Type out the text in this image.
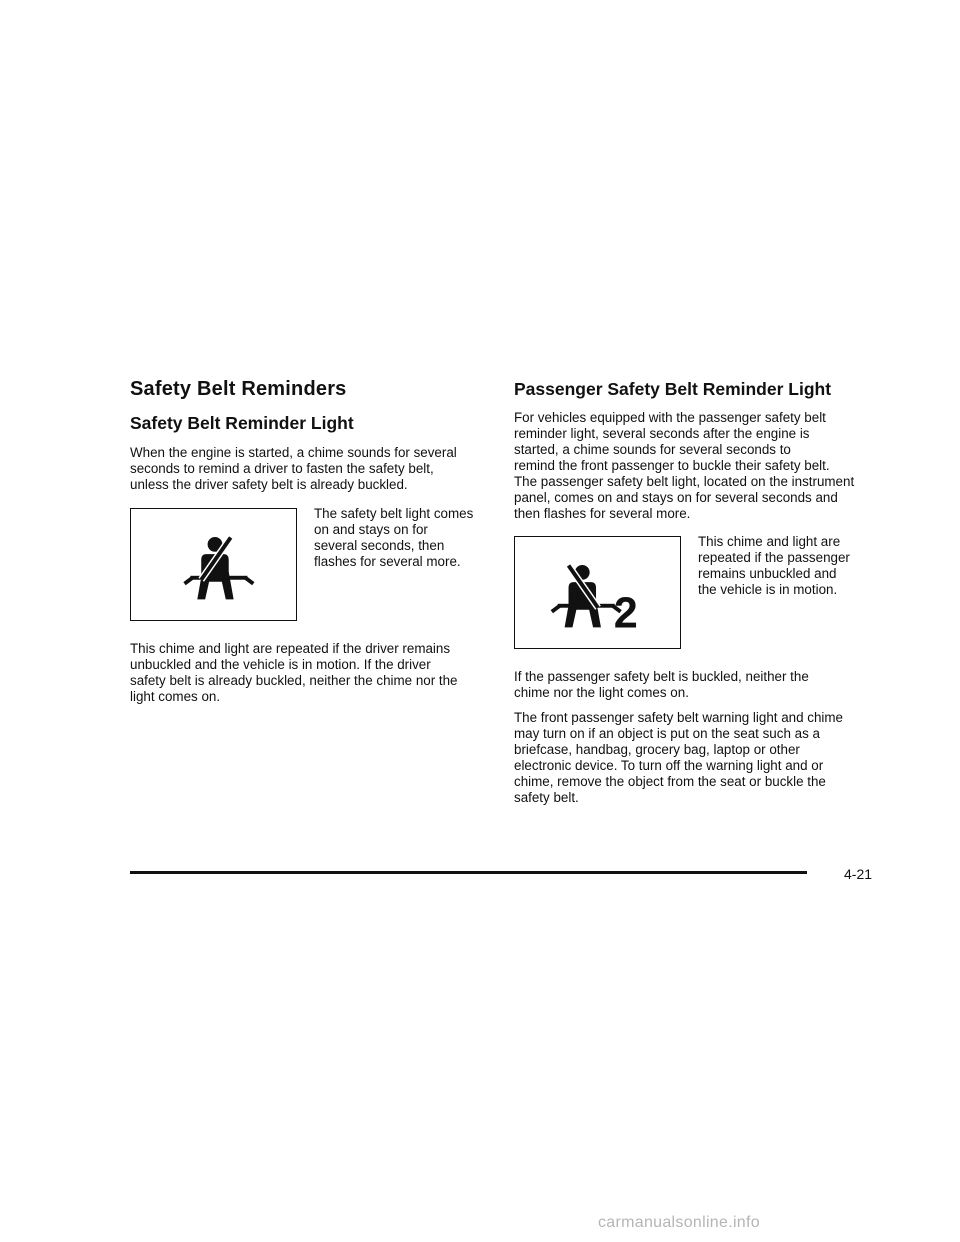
Safety Belt Reminders
Safety Belt Reminder Light

When the engine is started, a chime sounds for several
seconds to remind a driver to fasten the safety belt,
unless the driver safety belt is already buckled.

The safety belt light comes
on and stays on for
several seconds, then
flashes for several more.

This chime and light are repeated if the driver remains
unbuckled and the vehicle is in motion. If the driver
safety belt is already buckled, neither the chime nor the
light comes on.

Passenger Safety Belt Reminder Light

For vehicles equipped with the passenger safety belt
reminder light, several seconds after the engine is
started, a chime sounds for several seconds to
remind the front passenger to buckle their safety belt.
The passenger safety belt light, located on the instrument
panel, comes on and stays on for several seconds and
then flashes for several more.

2

This chime and light are
repeated if the passenger
remains unbuckled and
the vehicle is in motion.

If the passenger safety belt is buckled, neither the
chime nor the light comes on.

The front passenger safety belt warning light and chime
may turn on if an object is put on the seat such as a
briefcase, handbag, grocery bag, laptop or other
electronic device. To turn off the warning light and or
chime, remove the object from the seat or buckle the
safety belt.

4-21
carmanualsonline.info
